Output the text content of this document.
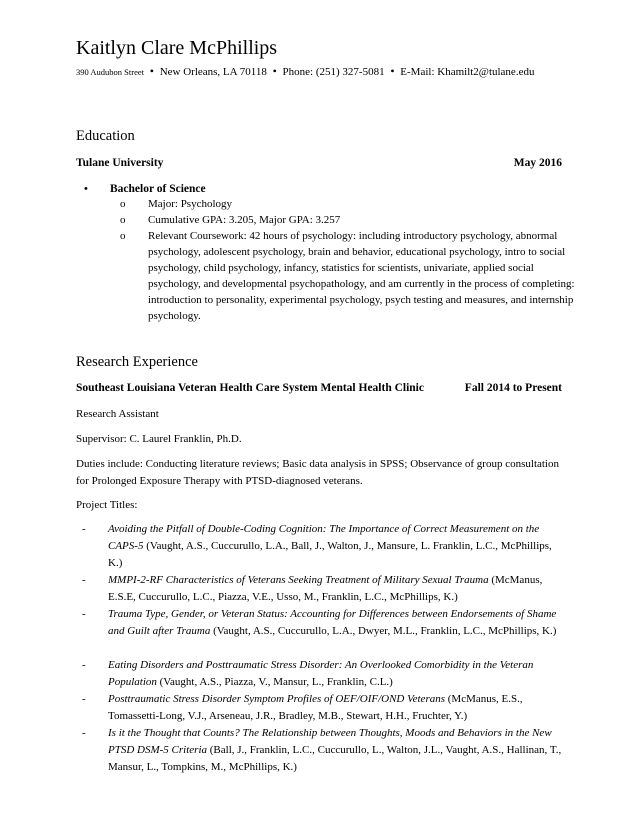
Kaitlyn Clare McPhillips
390 Audubon Street • New Orleans, LA 70118 • Phone: (251) 327-5081 • E-Mail: Khamilt2@tulane.edu
Education
Tulane University	May 2016
• Bachelor of Science
o Major: Psychology
o Cumulative GPA: 3.205, Major GPA: 3.257
o Relevant Coursework: 42 hours of psychology: including introductory psychology, abnormal psychology, adolescent psychology, brain and behavior, educational psychology, intro to social psychology, child psychology, infancy, statistics for scientists, univariate, applied social psychology, and developmental psychopathology, and am currently in the process of completing: introduction to personality, experimental psychology, psych testing and measures, and internship psychology.
Research Experience
Southeast Louisiana Veteran Health Care System Mental Health Clinic	Fall 2014 to Present
Research Assistant
Supervisor: C. Laurel Franklin, Ph.D.
Duties include: Conducting literature reviews; Basic data analysis in SPSS; Observance of group consultation for Prolonged Exposure Therapy with PTSD-diagnosed veterans.
Project Titles:
- Avoiding the Pitfall of Double-Coding Cognition: The Importance of Correct Measurement on the CAPS-5 (Vaught, A.S., Cuccurullo, L.A., Ball, J., Walton, J., Mansure, L. Franklin, L.C., McPhillips, K.)
- MMPI-2-RF Characteristics of Veterans Seeking Treatment of Military Sexual Trauma (McManus, E.S.E, Cuccurullo, L.C., Piazza, V.E., Usso, M., Franklin, L.C., McPhillips, K.)
- Trauma Type, Gender, or Veteran Status: Accounting for Differences between Endorsements of Shame and Guilt after Trauma (Vaught, A.S., Cuccurullo, L.A., Dwyer, M.L., Franklin, L.C., McPhillips, K.)
- Eating Disorders and Posttraumatic Stress Disorder: An Overlooked Comorbidity in the Veteran Population (Vaught, A.S., Piazza, V., Mansur, L., Franklin, C.L.)
- Posttraumatic Stress Disorder Symptom Profiles of OEF/OIF/OND Veterans (McManus, E.S., Tomassetti-Long, V.J., Arseneau, J.R., Bradley, M.B., Stewart, H.H., Fruchter, Y.)
- Is it the Thought that Counts? The Relationship between Thoughts, Moods and Behaviors in the New PTSD DSM-5 Criteria (Ball, J., Franklin, L.C., Cuccurullo, L., Walton, J.L., Vaught, A.S., Hallinan, T., Mansur, L., Tompkins, M., McPhillips, K.)
